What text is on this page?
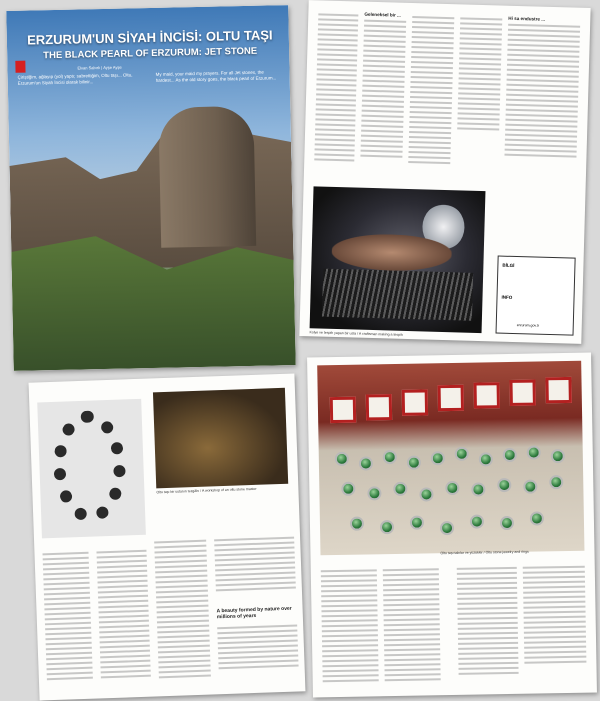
ERZURUM'UN SİYAH İNCİSİ: OLTU TAŞI
THE BLACK PEARL OF ERZURUM: JET STONE
Elvan Sabırlı | Ayşe Ayşe
Çiriştiğim, ağlayıp (yol) yaptı; sabrettiğim, Oltu taşı... Oltu, Erzurum'un Siyah İncisi olarak bilinir...
My maid, your maid my prayers. For all Jet stones, the hardest... As the old story goes, the black pearl of Erzurum...
Geleneksel bir ...
Hi sa endustre ...
Kolye ve tespih yapan bir usta / A craftsman making a tespih
BİLGİ
INFO
erzurum.gov.tr
Oltu taşı bir ustanın tezgâhı / A workshop of an oltu stone master
A beauty formed by nature over millions of years
Oltu taşı takılar ve yüzükler / Oltu stone jewelry and rings
